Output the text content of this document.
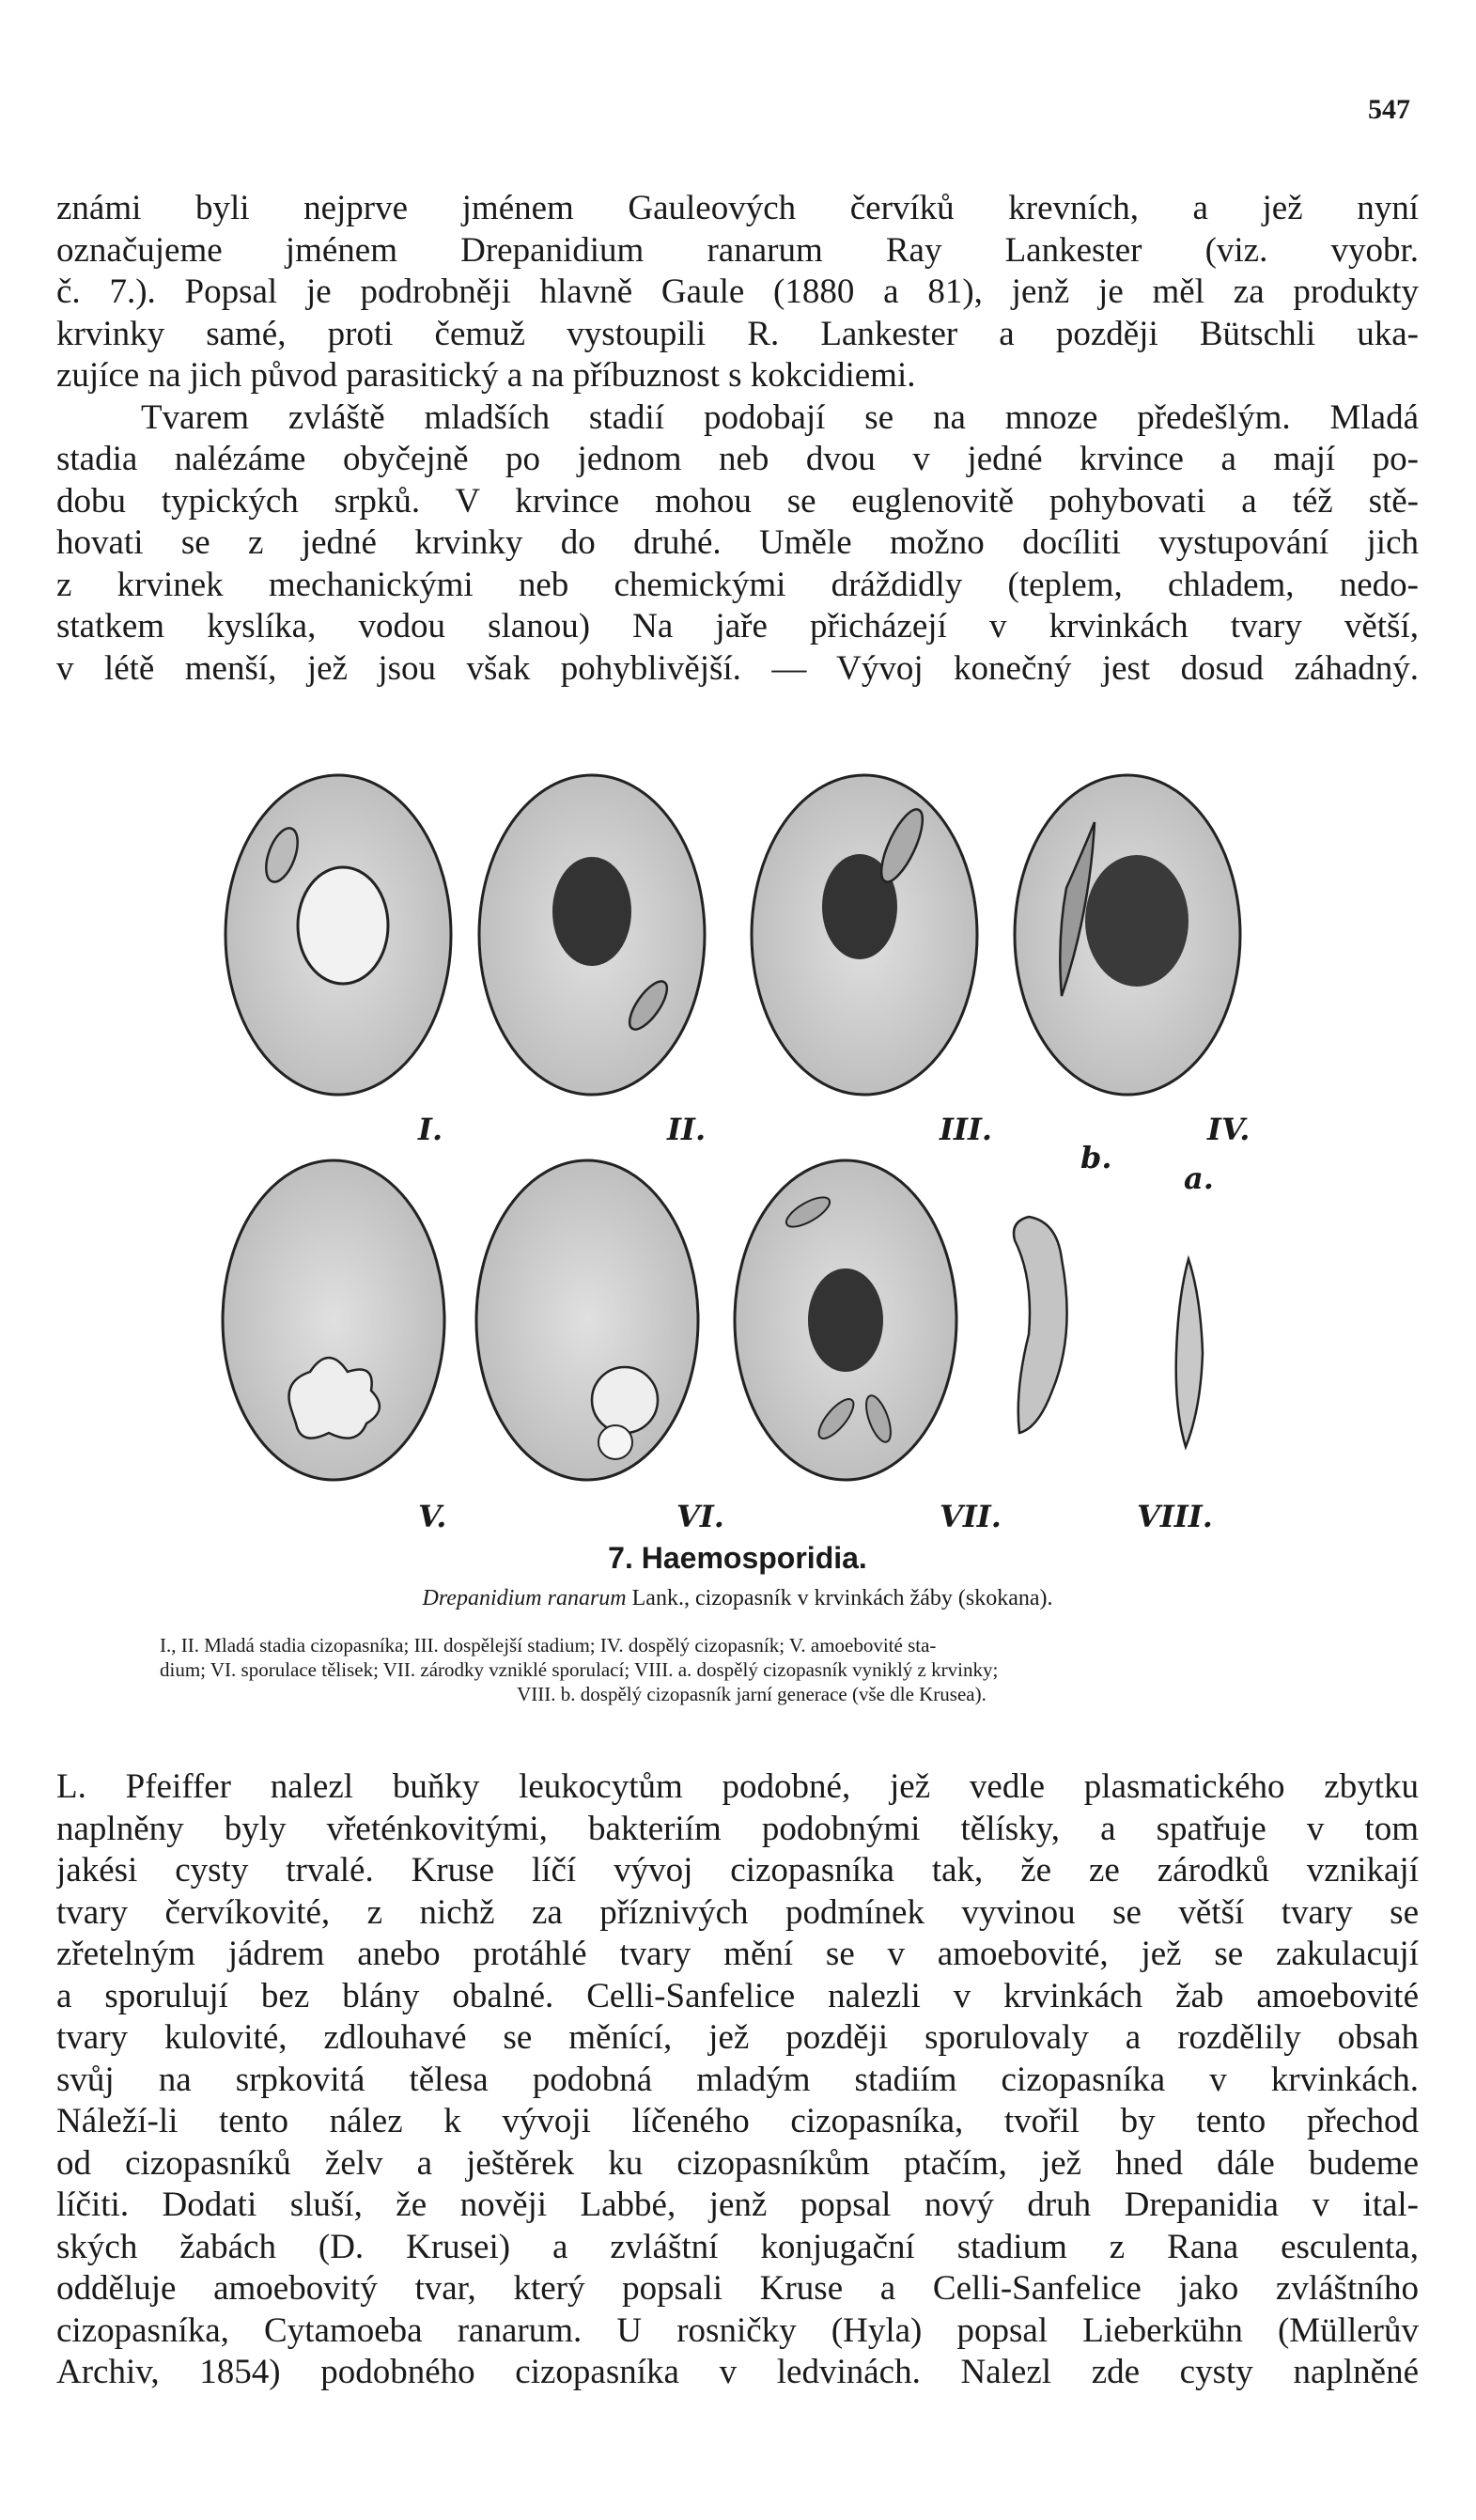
547
známi byli nejprve jménem Gauleových červíků krevních, a jež nyní
označujeme jménem Drepanidium ranarum Ray Lankester (viz. vyobr.
č. 7.). Popsal je podrobněji hlavně Gaule (1880 a 81), jenž je měl za produkty
krvinky samé, proti čemuž vystoupili R. Lankester a později Bütschli uka-
zujíce na jich původ parasitický a na příbuznost s kokcidiemi.
Tvarem zvláště mladších stadií podobají se na mnoze předešlým. Mladá
stadia nalézáme obyčejně po jednom neb dvou v jedné krvince a mají po-
dobu typických srpků. V krvince mohou se euglenovitě pohybovati a též stě-
hovati se z jedné krvinky do druhé. Uměle možno docíliti vystupování jich
z krvinek mechanickými neb chemickými dráždidly (teplem, chladem, nedo-
statkem kyslíka, vodou slanou) Na jaře přicházejí v krvinkách tvary větší,
v létě menší, jež jsou však pohyblivější. — Vývoj konečný jest dosud záhadný.
I.	II.	III.	IV.
V.	VI.	VII.	VIII.
b.
a.

7. Haemosporidia.

Drepanidium ranarum Lank., cizopasník v krvinkách žáby (skokana).

I., II. Mladá stadia cizopasníka; III. dospělejší stadium; IV. dospělý cizopasník; V. amoebovité sta-
dium; VI. sporulace tělisek; VII. zárodky vzniklé sporulací; VIII. a. dospělý cizopasník vyniklý z krvinky;
VIII. b. dospělý cizopasník jarní generace (vše dle Krusea).
L. Pfeiffer nalezl buňky leukocytům podobné, jež vedle plasmatického zbytku
naplněny byly vřeténkovitými, bakteriím podobnými tělísky, a spatřuje v tom
jakési cysty trvalé. Kruse líčí vývoj cizopasníka tak, že ze zárodků vznikají
tvary červíkovité, z nichž za příznivých podmínek vyvinou se větší tvary se
zřetelným jádrem anebo protáhlé tvary mění se v amoebovité, jež se zakulacují
a sporulují bez blány obalné. Celli-Sanfelice nalezli v krvinkách žab amoebovité
tvary kulovité, zdlouhavé se měnící, jež později sporulovaly a rozdělily obsah
svůj na srpkovitá tělesa podobná mladým stadiím cizopasníka v krvinkách.
Náleží-li tento nález k vývoji líčeného cizopasníka, tvořil by tento přechod
od cizopasníků želv a ještěrek ku cizopasníkům ptačím, jež hned dále budeme
líčiti. Dodati sluší, že nověji Labbé, jenž popsal nový druh Drepanidia v ital-
ských žabách (D. Krusei) a zvláštní konjugační stadium z Rana esculenta,
odděluje amoebovitý tvar, který popsali Kruse a Celli-Sanfelice jako zvláštního
cizopasníka, Cytamoeba ranarum. U rosničky (Hyla) popsal Lieberkühn (Müllerův
Archiv, 1854) podobného cizopasníka v ledvinách. Nalezl zde cysty naplněné
